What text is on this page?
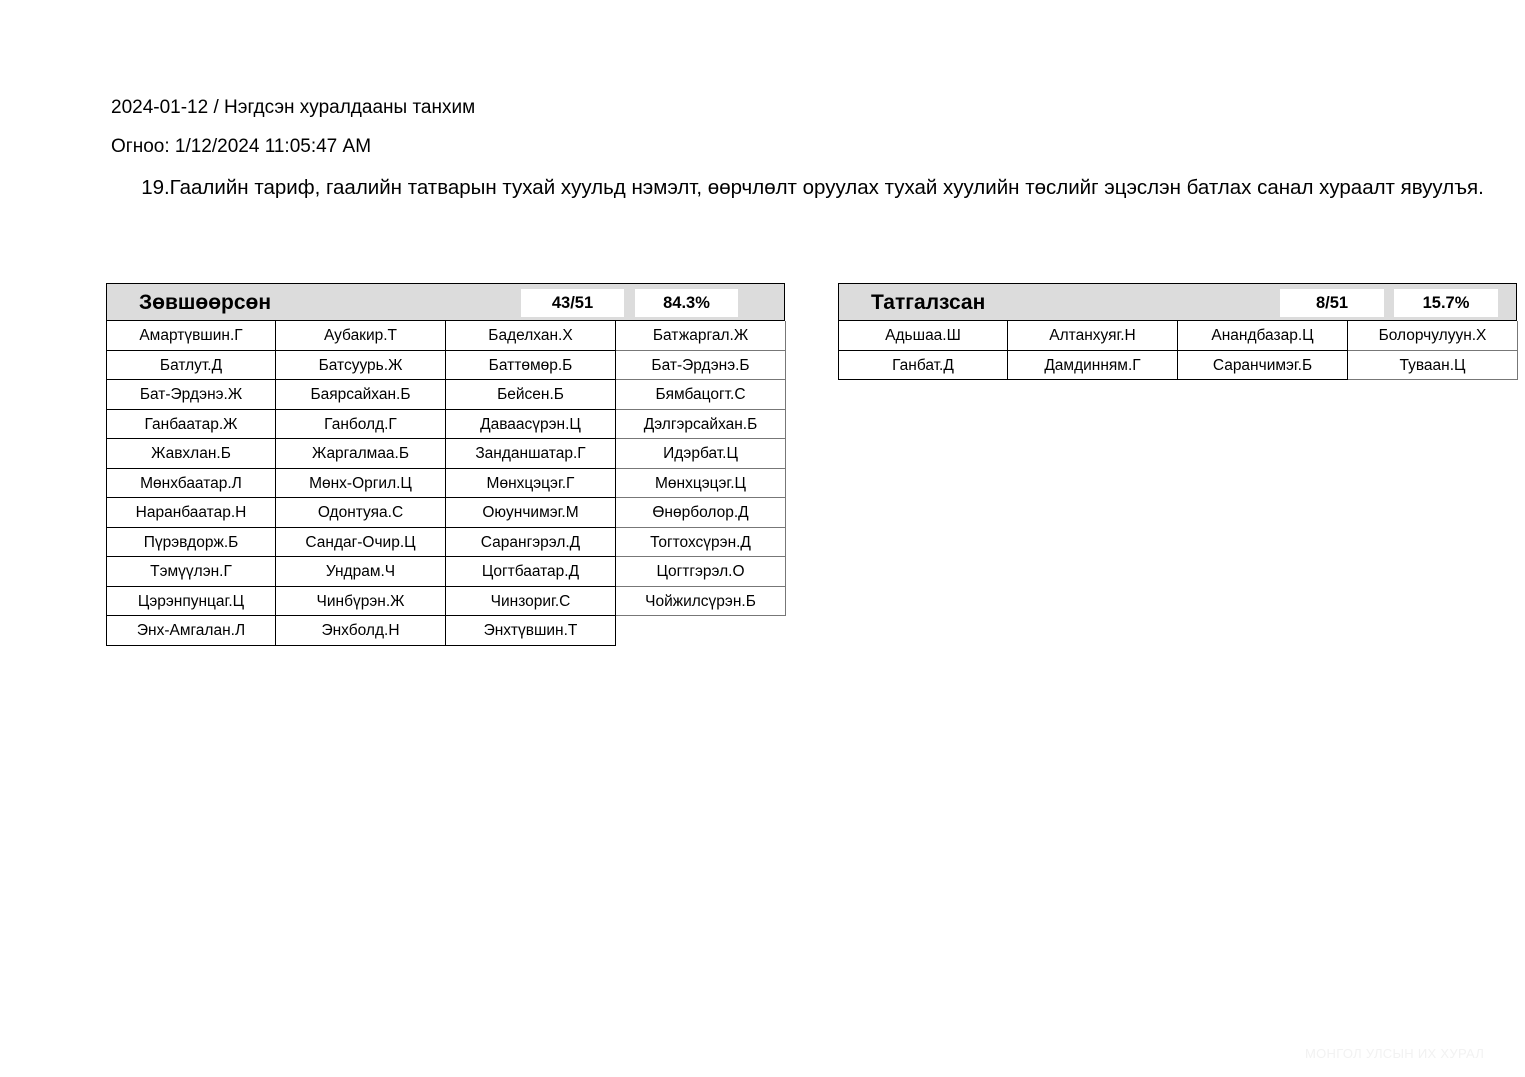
2024-01-12 / Нэгдсэн хуралдааны танхим
Огноо: 1/12/2024 11:05:47 AM
19.Гаалийн тариф, гаалийн татварын тухай хуульд нэмэлт, өөрчлөлт оруулах тухай хуулийн төслийг эцэслэн батлах санал хураалт явуулъя.
Зөвшөөрсөн	43/51	84.3%
Амартүвшин.Г	Аубакир.Т	Баделхан.Х	Батжаргал.Ж
Батлут.Д	Батсуурь.Ж	Баттөмөр.Б	Бат-Эрдэнэ.Б
Бат-Эрдэнэ.Ж	Баярсайхан.Б	Бейсен.Б	Бямбацогт.С
Ганбаатар.Ж	Ганболд.Г	Даваасүрэн.Ц	Дэлгэрсайхан.Б
Жавхлан.Б	Жаргалмаа.Б	Занданшатар.Г	Идэрбат.Ц
Мөнхбаатар.Л	Мөнх-Оргил.Ц	Мөнхцэцэг.Г	Мөнхцэцэг.Ц
Наранбаатар.Н	Одонтуяа.С	Оюунчимэг.М	Өнөрболор.Д
Пүрэвдорж.Б	Сандаг-Очир.Ц	Сарангэрэл.Д	Тогтохсүрэн.Д
Тэмүүлэн.Г	Ундрам.Ч	Цогтбаатар.Д	Цогтгэрэл.О
Цэрэнпунцаг.Ц	Чинбүрэн.Ж	Чинзориг.С	Чойжилсүрэн.Б
Энх-Амгалан.Л	Энхболд.Н	Энхтүвшин.Т
Татгалзсан	8/51	15.7%
Адьшаа.Ш	Алтанхуяг.Н	Анандбазар.Ц	Болорчулуун.Х
Ганбат.Д	Дамдинням.Г	Саранчимэг.Б	Туваан.Ц
МОНГОЛ УЛСЫН ИХ ХУРАЛ
